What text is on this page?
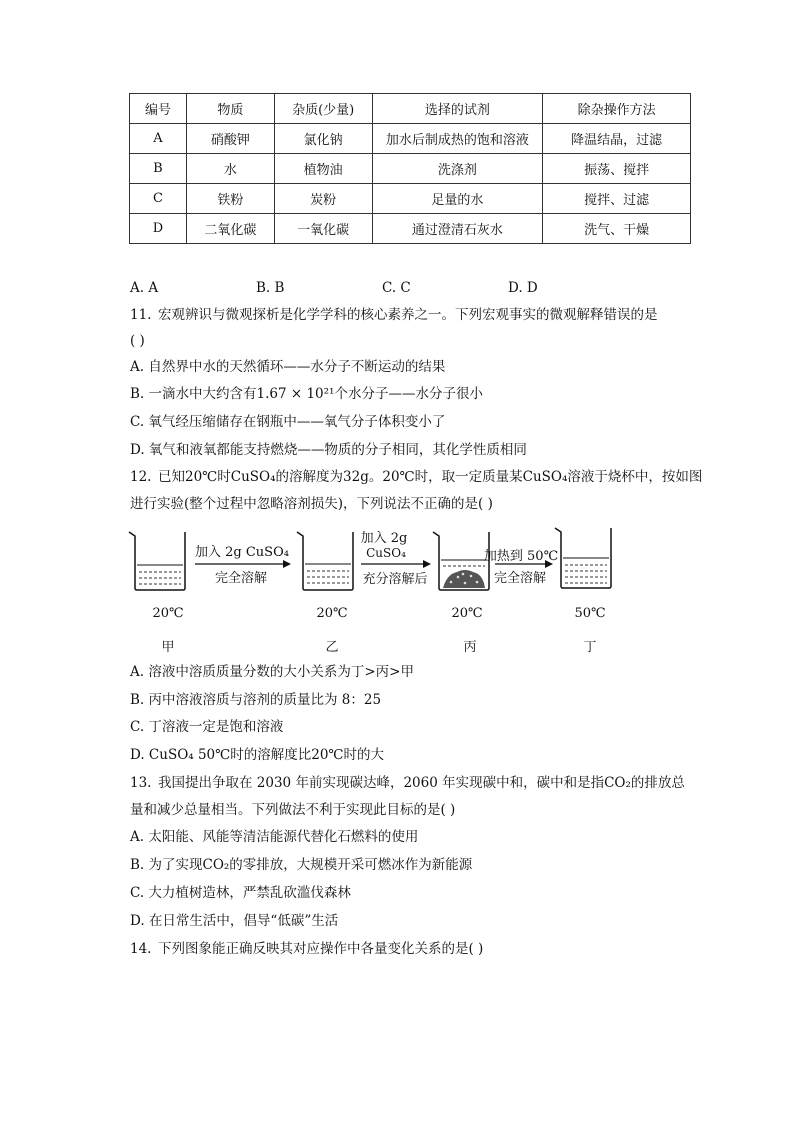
编号	物质	杂质(少量)	选择的试剂	除杂操作方法
A	硝酸钾	氯化钠	加水后制成热的饱和溶液	降温结晶，过滤
B	水	植物油	洗涤剂	振荡、搅拌
C	铁粉	炭粉	足量的水	搅拌、过滤
D	二氧化碳	一氧化碳	通过澄清石灰水	洗气、干燥
A. A	B. B	C. C	D. D
11. 宏观辨识与微观探析是化学学科的核心素养之一。下列宏观事实的微观解释错误的是
( )
A. 自然界中水的天然循环——水分子不断运动的结果
B. 一滴水中大约含有1.67 × 10²¹个水分子——水分子很小
C. 氧气经压缩储存在钢瓶中——氧气分子体积变小了
D. 氧气和液氧都能支持燃烧——物质的分子相同，其化学性质相同
12. 已知20℃时CuSO₄的溶解度为32g。20℃时，取一定质量某CuSO₄溶液于烧杯中，按如图
进行实验(整个过程中忽略溶剂损失)，下列说法不正确的是( )
加入 2g CuSO₄
完全溶解
加入 2g
CuSO₄
充分溶解后
加热到 50℃
完全溶解
20℃	20℃	20℃	50℃
甲	乙	丙	丁
A. 溶液中溶质质量分数的大小关系为丁>丙>甲
B. 丙中溶液溶质与溶剂的质量比为 8：25
C. 丁溶液一定是饱和溶液
D. CuSO₄ 50℃时的溶解度比20℃时的大
13. 我国提出争取在 2030 年前实现碳达峰，2060 年实现碳中和，碳中和是指CO₂的排放总
量和减少总量相当。下列做法不利于实现此目标的是( )
A. 太阳能、风能等清洁能源代替化石燃料的使用
B. 为了实现CO₂的零排放，大规模开采可燃冰作为新能源
C. 大力植树造林，严禁乱砍滥伐森林
D. 在日常生活中，倡导“低碳”生活
14. 下列图象能正确反映其对应操作中各量变化关系的是( )
